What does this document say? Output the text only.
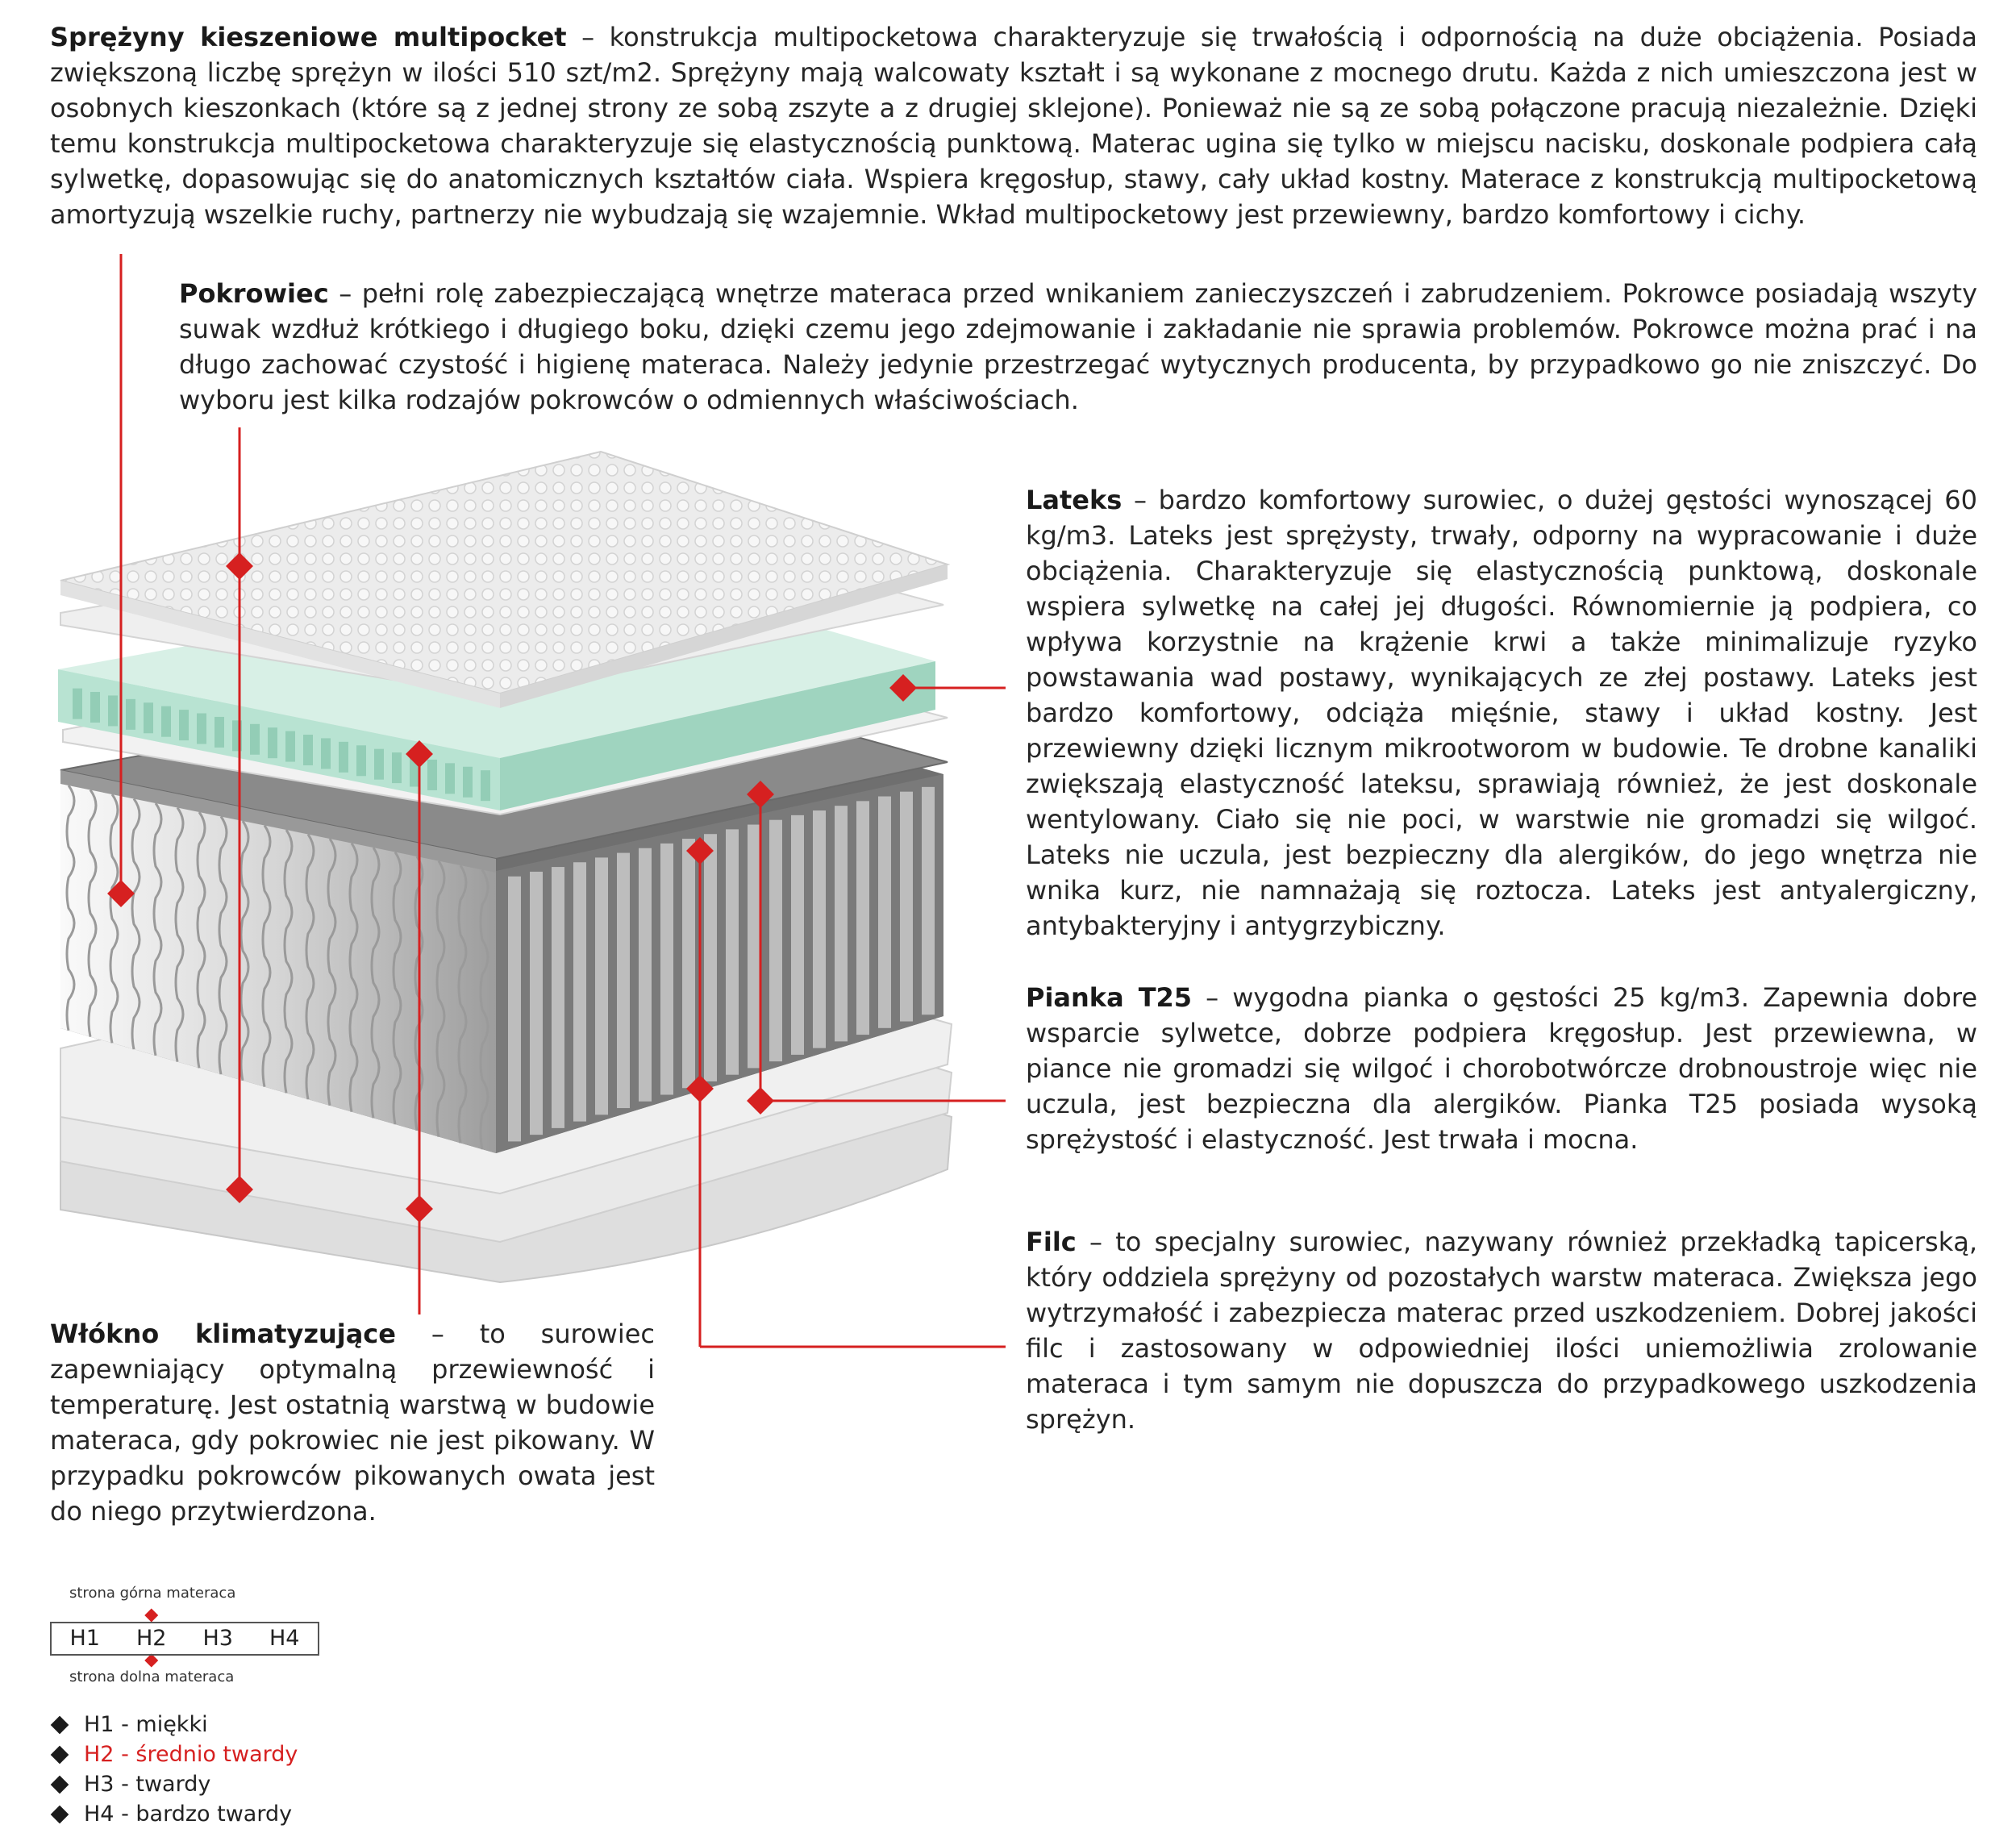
Sprężyny kieszeniowe multipocket – konstrukcja multipocketowa charakteryzuje się trwałością i odpornością na duże obciążenia. Posiada zwiększoną liczbę sprężyn w ilości 510 szt/m2. Sprężyny mają walcowaty kształt i są wykonane z mocnego drutu. Każda z nich umieszczona jest w osobnych kieszonkach (które są z jednej strony ze sobą zszyte a z drugiej sklejone). Ponieważ nie są ze sobą połączone pracują niezależnie. Dzięki temu konstrukcja multipocketowa charakteryzuje się elastycznością punktową. Materac ugina się tylko w miejscu nacisku, doskonale podpiera całą sylwetkę, dopasowując się do anatomicznych kształtów ciała. Wspiera kręgosłup, stawy, cały układ kostny. Materace z konstrukcją multipocketową amortyzują wszelkie ruchy, partnerzy nie wybudzają się wzajemnie. Wkład multipocketowy jest przewiewny, bardzo komfortowy i cichy.
Pokrowiec – pełni rolę zabezpieczającą wnętrze materaca przed wnikaniem zanieczyszczeń i zabrudzeniem. Pokrowce posiadają wszyty suwak wzdłuż krótkiego i długiego boku, dzięki czemu jego zdejmowanie i zakładanie nie sprawia problemów. Pokrowce można prać i na długo zachować czystość i higienę materaca. Należy jedynie przestrzegać wytycznych producenta, by przypadkowo go nie zniszczyć. Do wyboru jest kilka rodzajów pokrowców o odmiennych właściwościach.
Lateks – bardzo komfortowy surowiec, o dużej gęstości wynoszącej 60 kg/m3. Lateks jest sprężysty, trwały, odporny na wypracowanie i duże obciążenia. Charakteryzuje się elastycznością punktową, doskonale wspiera sylwetkę na całej jej długości. Równomiernie ją podpiera, co wpływa korzystnie na krążenie krwi a także minimalizuje ryzyko powstawania wad postawy, wynikających ze złej postawy. Lateks jest bardzo komfortowy, odciąża mięśnie, stawy i układ kostny. Jest przewiewny dzięki licznym mikrootworom w budowie. Te drobne kanaliki zwiększają elastyczność lateksu, sprawiają również, że jest doskonale wentylowany. Ciało się nie poci, w warstwie nie gromadzi się wilgoć. Lateks nie uczula, jest bezpieczny dla alergików, do jego wnętrza nie wnika kurz, nie namnażają się roztocza. Lateks jest antyalergiczny, antybakteryjny i antygrzybiczny.
Pianka T25 – wygodna pianka o gęstości 25 kg/m3. Zapewnia dobre wsparcie sylwetce, dobrze podpiera kręgosłup. Jest przewiewna, w piance nie gromadzi się wilgoć i chorobotwórcze drobnoustroje więc nie uczula, jest bezpieczna dla alergików. Pianka T25 posiada wysoką sprężystość i elastyczność. Jest trwała i mocna.
Filc – to specjalny surowiec, nazywany również przekładką tapicerską, który oddziela sprężyny od pozostałych warstw materaca. Zwiększa jego wytrzymałość i zabezpiecza materac przed uszkodzeniem. Dobrej jakości filc i zastosowany w odpowiedniej ilości uniemożliwia zrolowanie materaca i tym samym nie dopuszcza do przypadkowego uszkodzenia sprężyn.
Włókno klimatyzujące – to surowiec zapewniający optymalną przewiewność i temperaturę. Jest ostatnią warstwą w budowie materaca, gdy pokrowiec nie jest pikowany. W przypadku pokrowców pikowanych owata jest do niego przytwierdzona.
strona górna materaca
H1	H2	H3	H4
strona dolna materaca
H1 - miękki
H2 - średnio twardy
H3 - twardy
H4 - bardzo twardy
